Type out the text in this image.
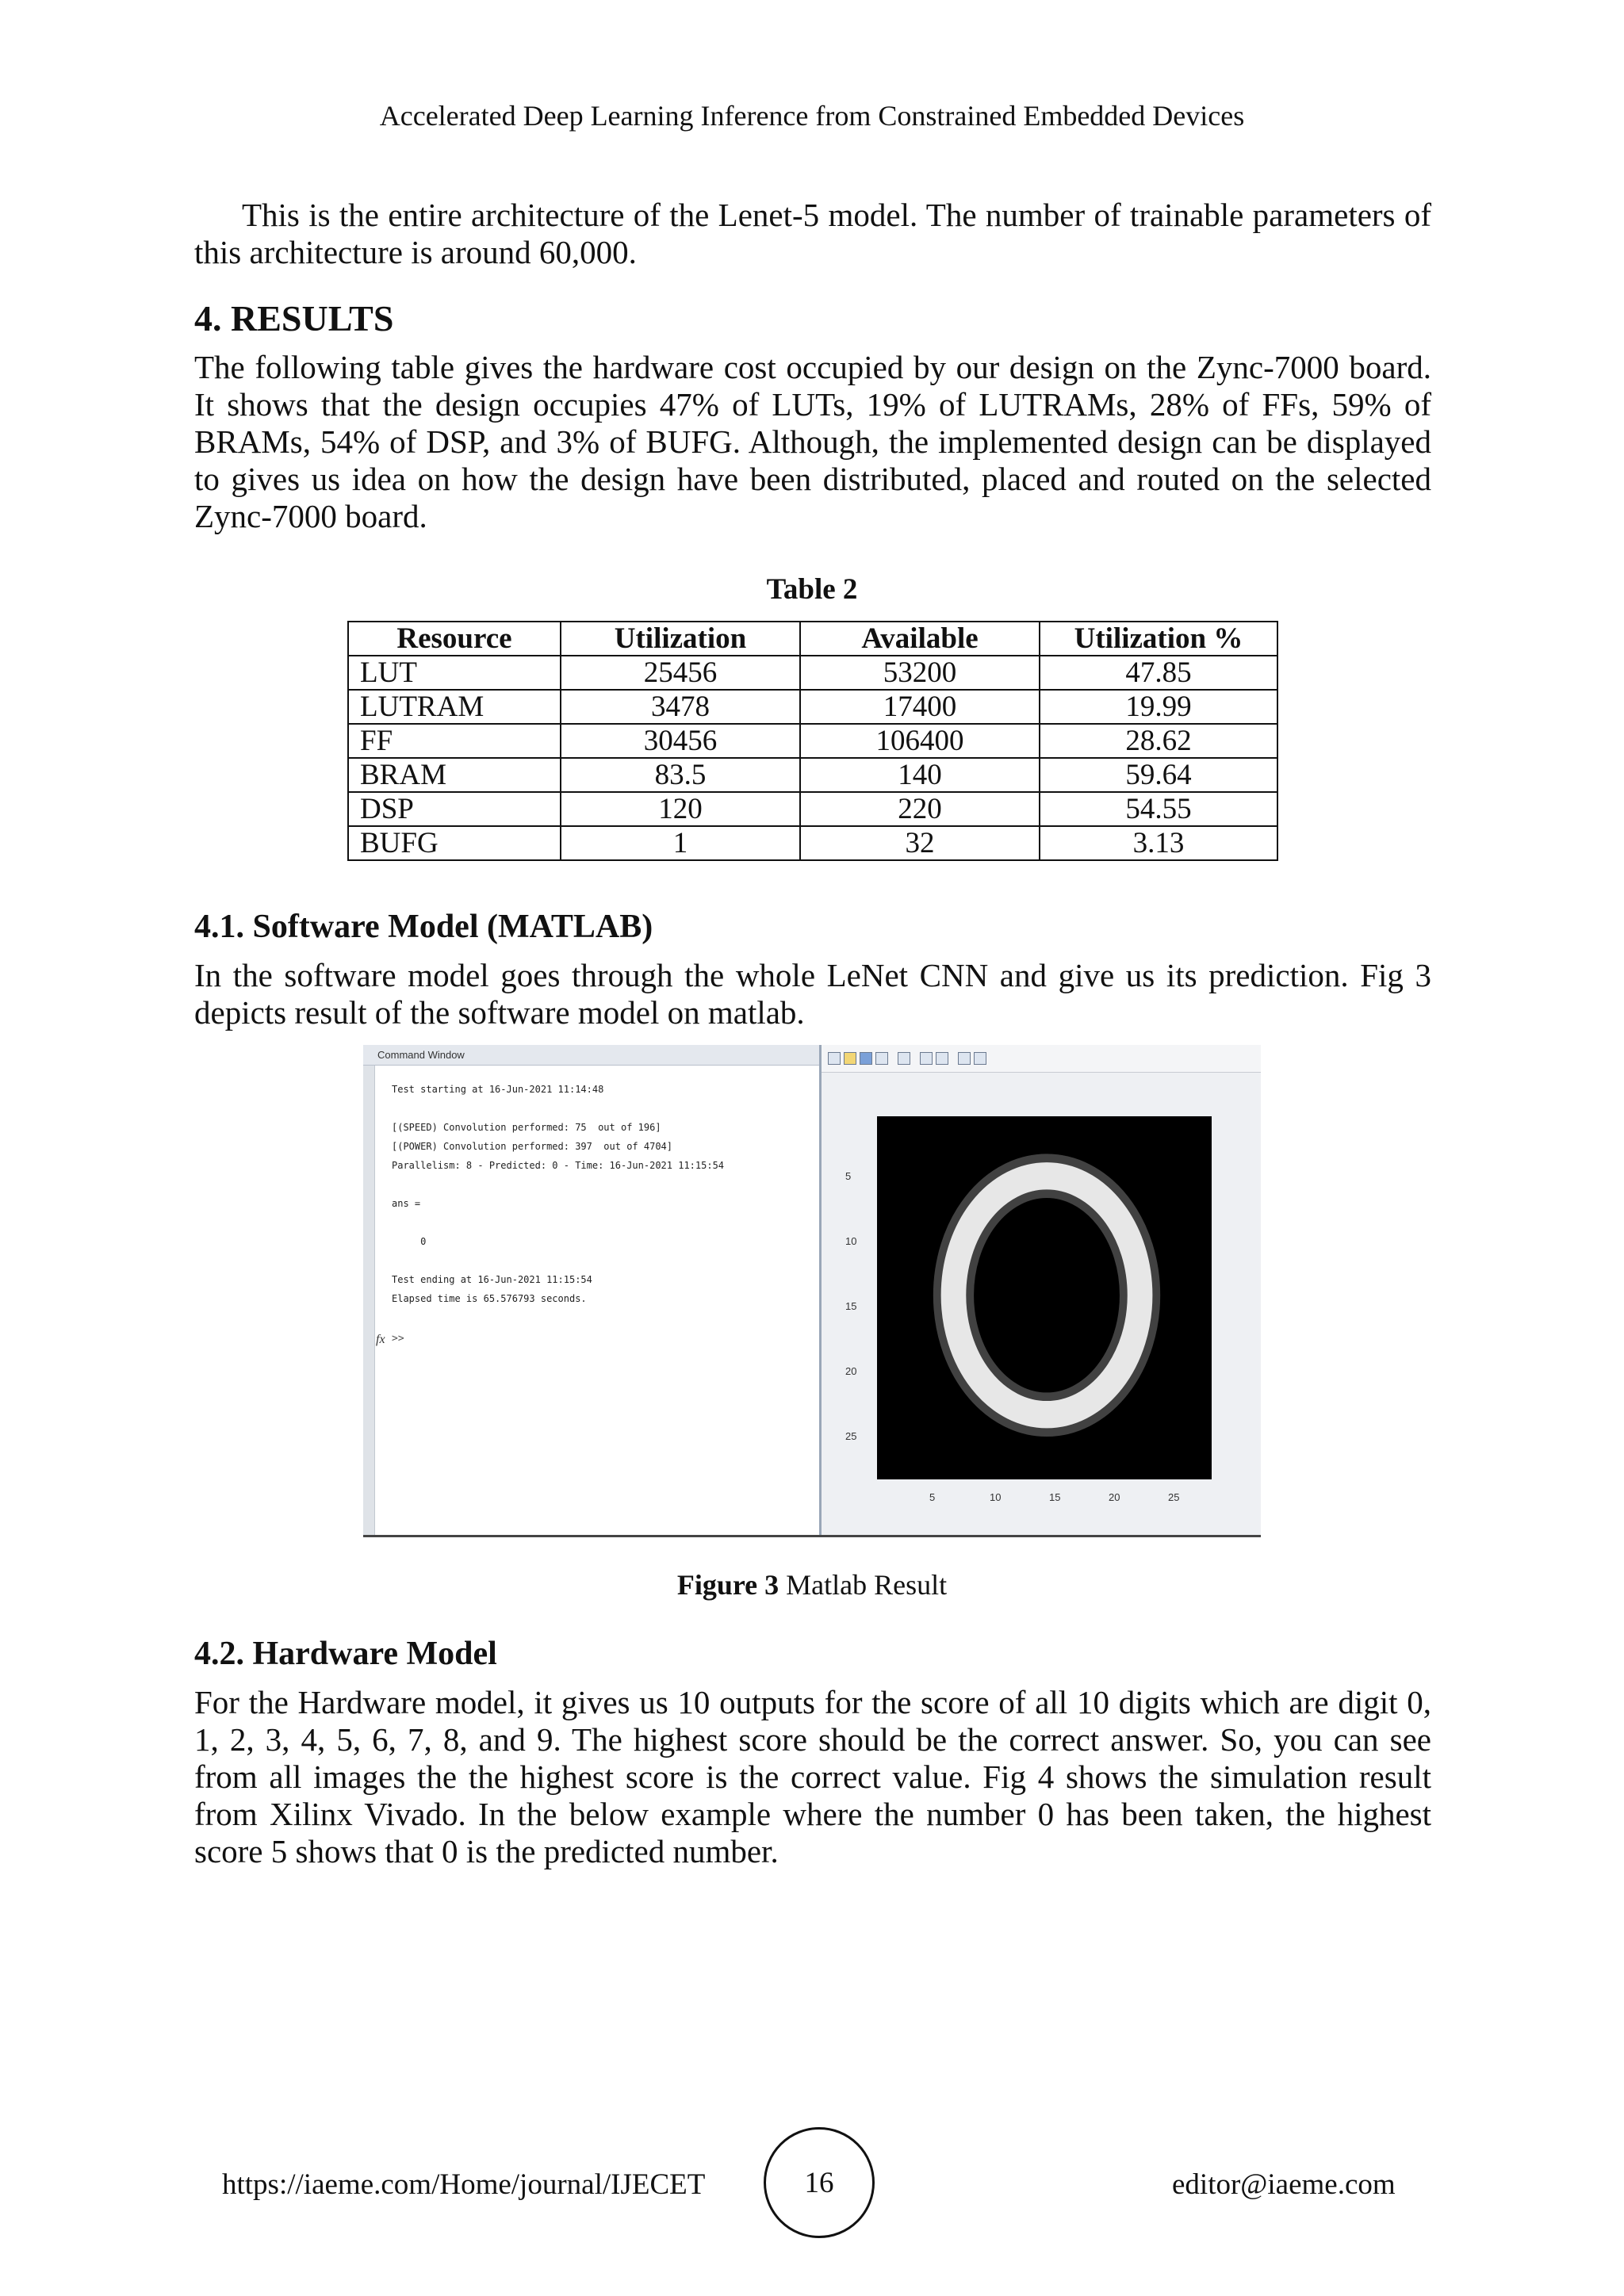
Accelerated Deep Learning Inference from Constrained Embedded Devices
This is the entire architecture of the Lenet-5 model. The number of trainable parameters of this architecture is around 60,000.
4. RESULTS
The following table gives the hardware cost occupied by our design on the Zync-7000 board. It shows that the design occupies 47% of LUTs, 19% of LUTRAMs, 28% of FFs, 59% of BRAMs, 54% of DSP, and 3% of BUFG. Although, the implemented design can be displayed to gives us idea on how the design have been distributed, placed and routed on the selected Zync-7000 board.
Table 2
Resource	Utilization	Available	Utilization %
LUT	25456	53200	47.85
LUTRAM	3478	17400	19.99
FF	30456	106400	28.62
BRAM	83.5	140	59.64
DSP	120	220	54.55
BUFG	1	32	3.13
4.1. Software Model (MATLAB)
In the software model goes through the whole LeNet CNN and give us its prediction. Fig 3 depicts result of the software model on matlab.
Command Window
Test starting at 16-Jun-2021 11:14:48
[(SPEED) Convolution performed: 75  out of 196]
[(POWER) Convolution performed: 397  out of 4704]
Parallelism: 8 - Predicted: 0 - Time: 16-Jun-2021 11:15:54
ans =
0
Test ending at 16-Jun-2021 11:15:54
Elapsed time is 65.576793 seconds.
fx >>
5
10
15
20
25
5	10	15	20	25
Figure 3 Matlab Result
4.2. Hardware Model
For the Hardware model, it gives us 10 outputs for the score of all 10 digits which are digit 0, 1, 2, 3, 4, 5, 6, 7, 8, and 9. The highest score should be the correct answer. So, you can see from all images the the highest score is the correct value. Fig 4 shows the simulation result from Xilinx Vivado. In the below example where the number 0 has been taken, the highest score 5 shows that 0 is the predicted number.
https://iaeme.com/Home/journal/IJECET	16	editor@iaeme.com
